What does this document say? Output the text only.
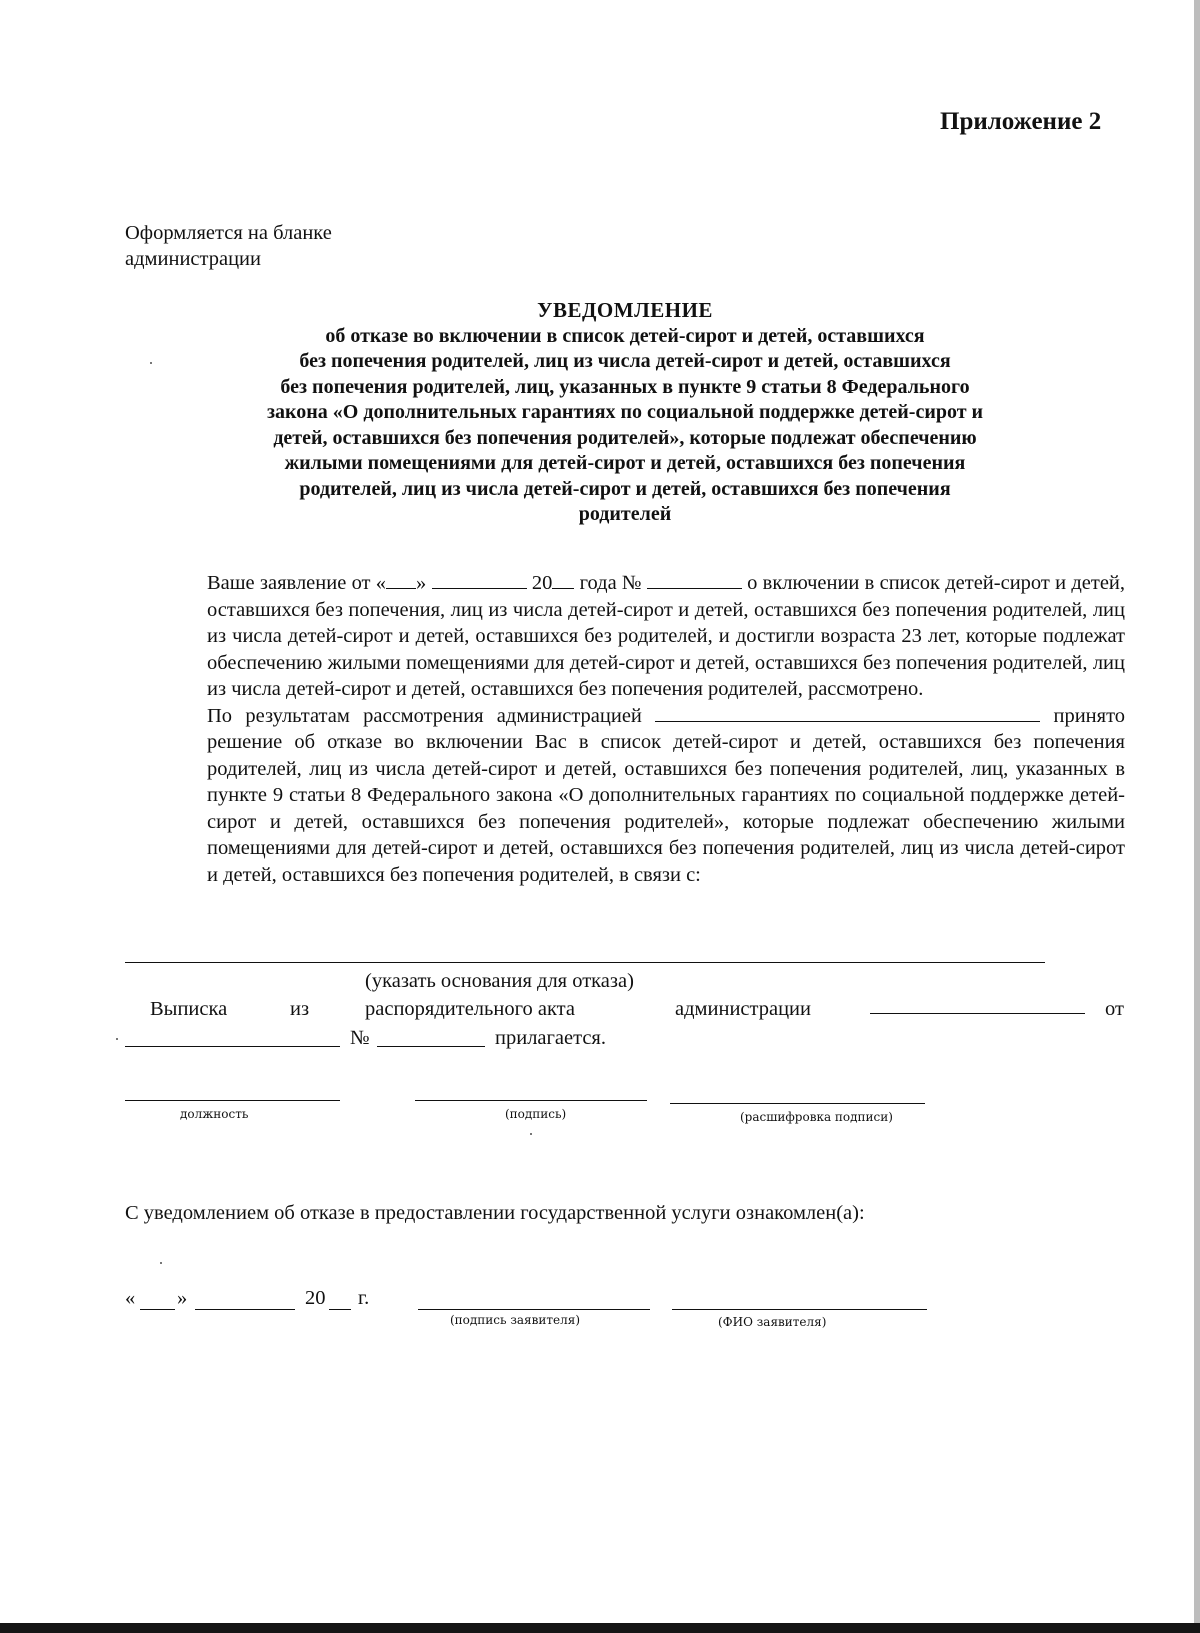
Приложение 2
Оформляется на бланке
администрации
УВЕДОМЛЕНИЕ
об отказе во включении в список детей-сирот и детей, оставшихся
без попечения родителей, лиц из числа детей-сирот и детей, оставшихся
без попечения родителей, лиц, указанных в пункте 9 статьи 8 Федерального
закона «О дополнительных гарантиях по социальной поддержке детей-сирот и
детей, оставшихся без попечения родителей», которые подлежат обеспечению
жилыми помещениями для детей-сирот и детей, оставшихся без попечения
родителей, лиц из числа детей-сирот и детей, оставшихся без попечения
родителей

Ваше заявление от « »	20 года №	о включении в список детей-сирот и детей, оставшихся без попечения, лиц из числа детей-сирот и детей, оставшихся без попечения родителей, лиц из числа детей-сирот и детей, оставшихся без родителей, и достигли возраста 23 лет, которые подлежат обеспечению жилыми помещениями для детей-сирот и детей, оставшихся без попечения родителей, лиц из числа детей-сирот и детей, оставшихся без попечения родителей, рассмотрено.

По результатам рассмотрения администрацией	принято решение об отказе во включении Вас в список детей-сирот и детей, оставшихся без попечения родителей, лиц из числа детей-сирот и детей, оставшихся без попечения родителей, лиц, указанных в пункте 9 статьи 8 Федерального закона «О дополнительных гарантиях по социальной поддержке детей-сирот и детей, оставшихся без попечения родителей», которые подлежат обеспечению жилыми помещениями для детей-сирот и детей, оставшихся без попечения родителей, лиц из числа детей-сирот и детей, оставшихся без попечения родителей, в связи с:

(указать основания для отказа)
Выписка	из	распорядительного акта	администрации	от
№	прилагается.
должность	(подпись)	(расшифровка подписи)
С уведомлением об отказе в предоставлении государственной услуги ознакомлен(а):
« »	20 г.
(подпись заявителя)	(ФИО заявителя)
